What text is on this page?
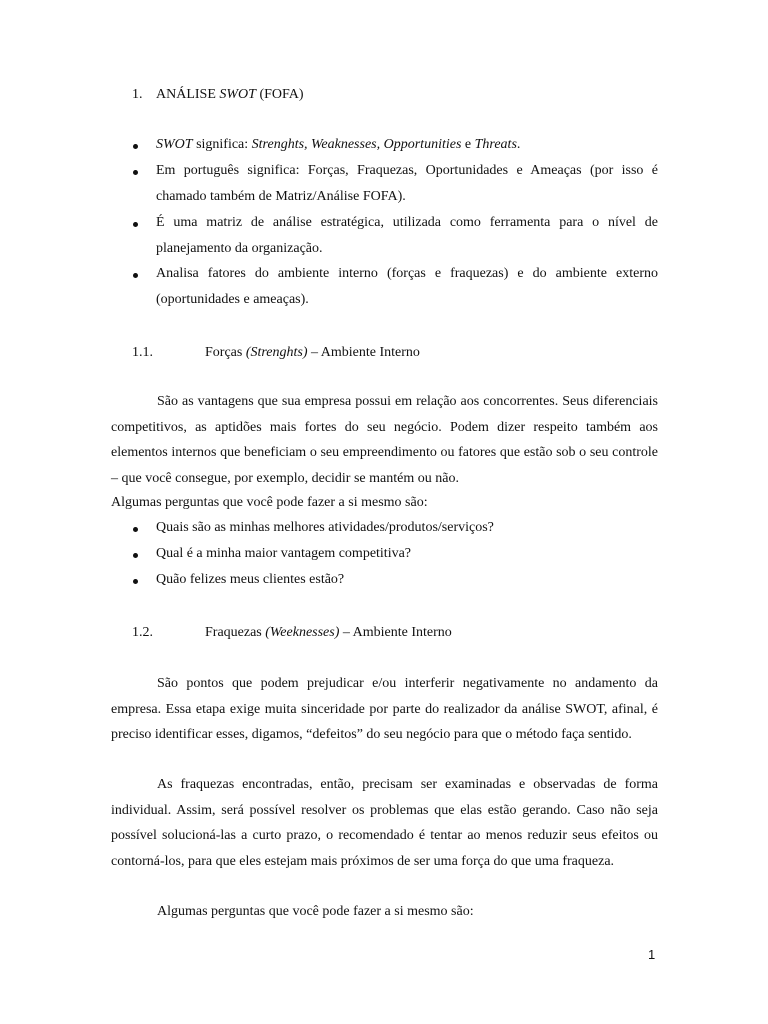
1. ANÁLISE SWOT (FOFA)
SWOT significa: Strenghts, Weaknesses, Opportunities e Threats.
Em português significa: Forças, Fraquezas, Oportunidades e Ameaças (por isso é chamado também de Matriz/Análise FOFA).
É uma matriz de análise estratégica, utilizada como ferramenta para o nível de planejamento da organização.
Analisa fatores do ambiente interno (forças e fraquezas) e do ambiente externo (oportunidades e ameaças).
1.1.	Forças (Strenghts) – Ambiente Interno
São as vantagens que sua empresa possui em relação aos concorrentes. Seus diferenciais competitivos, as aptidões mais fortes do seu negócio. Podem dizer respeito também aos elementos internos que beneficiam o seu empreendimento ou fatores que estão sob o seu controle – que você consegue, por exemplo, decidir se mantém ou não.
Algumas perguntas que você pode fazer a si mesmo são:
Quais são as minhas melhores atividades/produtos/serviços?
Qual é a minha maior vantagem competitiva?
Quão felizes meus clientes estão?
1.2.	Fraquezas (Weeknesses) – Ambiente Interno
São pontos que podem prejudicar e/ou interferir negativamente no andamento da empresa. Essa etapa exige muita sinceridade por parte do realizador da análise SWOT, afinal, é preciso identificar esses, digamos, “defeitos” do seu negócio para que o método faça sentido.
As fraquezas encontradas, então, precisam ser examinadas e observadas de forma individual. Assim, será possível resolver os problemas que elas estão gerando. Caso não seja possível solucioná-las a curto prazo, o recomendado é tentar ao menos reduzir seus efeitos ou contorná-los, para que eles estejam mais próximos de ser uma força do que uma fraqueza.
Algumas perguntas que você pode fazer a si mesmo são:
1
